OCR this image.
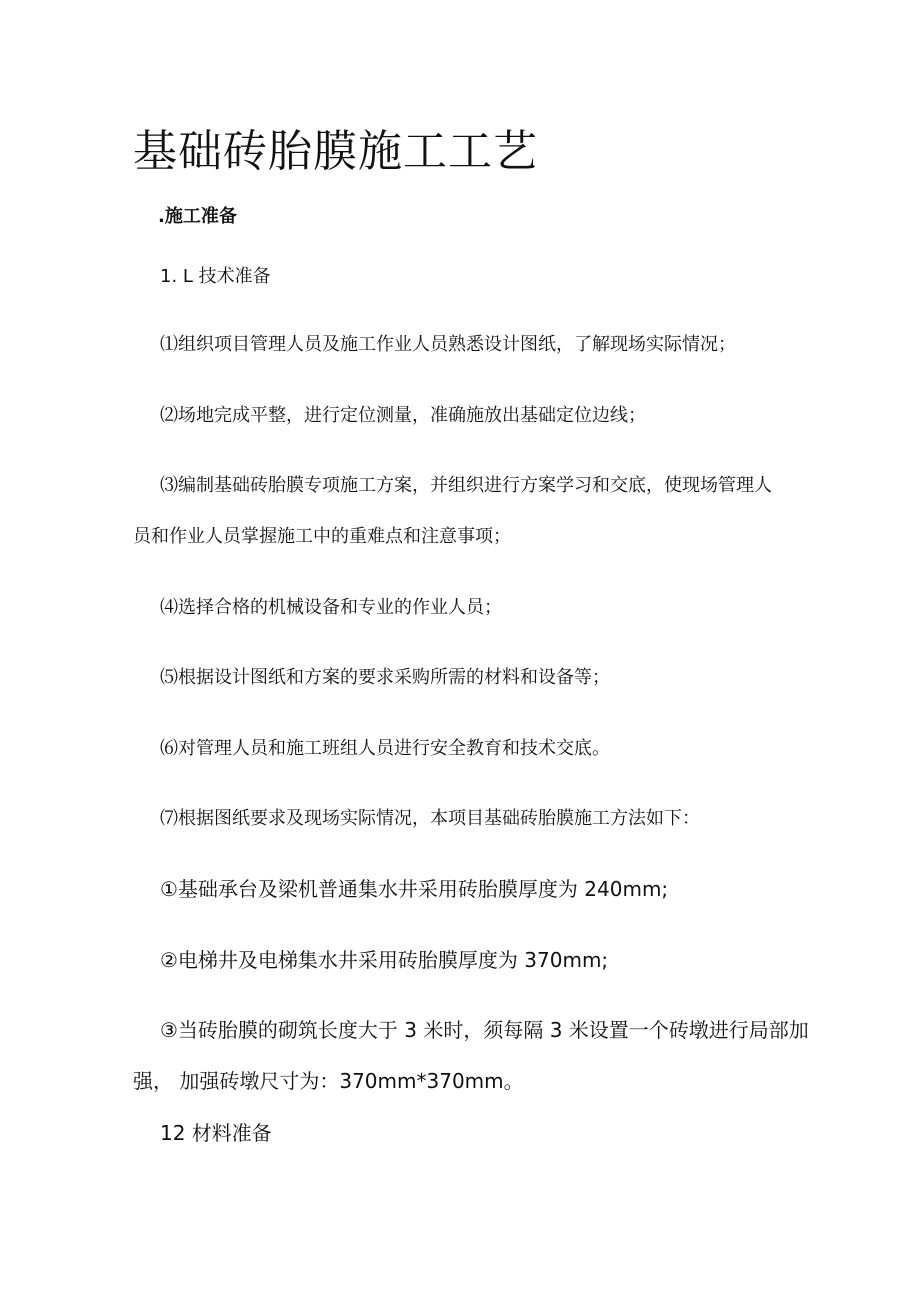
基础砖胎膜施工工艺

.施工准备

1. L 技术准备

⑴组织项目管理人员及施工作业人员熟悉设计图纸，了解现场实际情况；

⑵场地完成平整，进行定位测量，准确施放出基础定位边线；

⑶编制基础砖胎膜专项施工方案，并组织进行方案学习和交底，使现场管理人

员和作业人员掌握施工中的重难点和注意事项；

⑷选择合格的机械设备和专业的作业人员；

⑸根据设计图纸和方案的要求采购所需的材料和设备等；

⑹对管理人员和施工班组人员进行安全教育和技术交底。

⑺根据图纸要求及现场实际情况，本项目基础砖胎膜施工方法如下：

①基础承台及梁机普通集水井采用砖胎膜厚度为 240mm;

②电梯井及电梯集水井采用砖胎膜厚度为 370mm;

③当砖胎膜的砌筑长度大于 3 米时，须每隔 3 米设置一个砖墩进行局部加

强， 加强砖墩尺寸为：370mm*370mm。

12 材料准备
